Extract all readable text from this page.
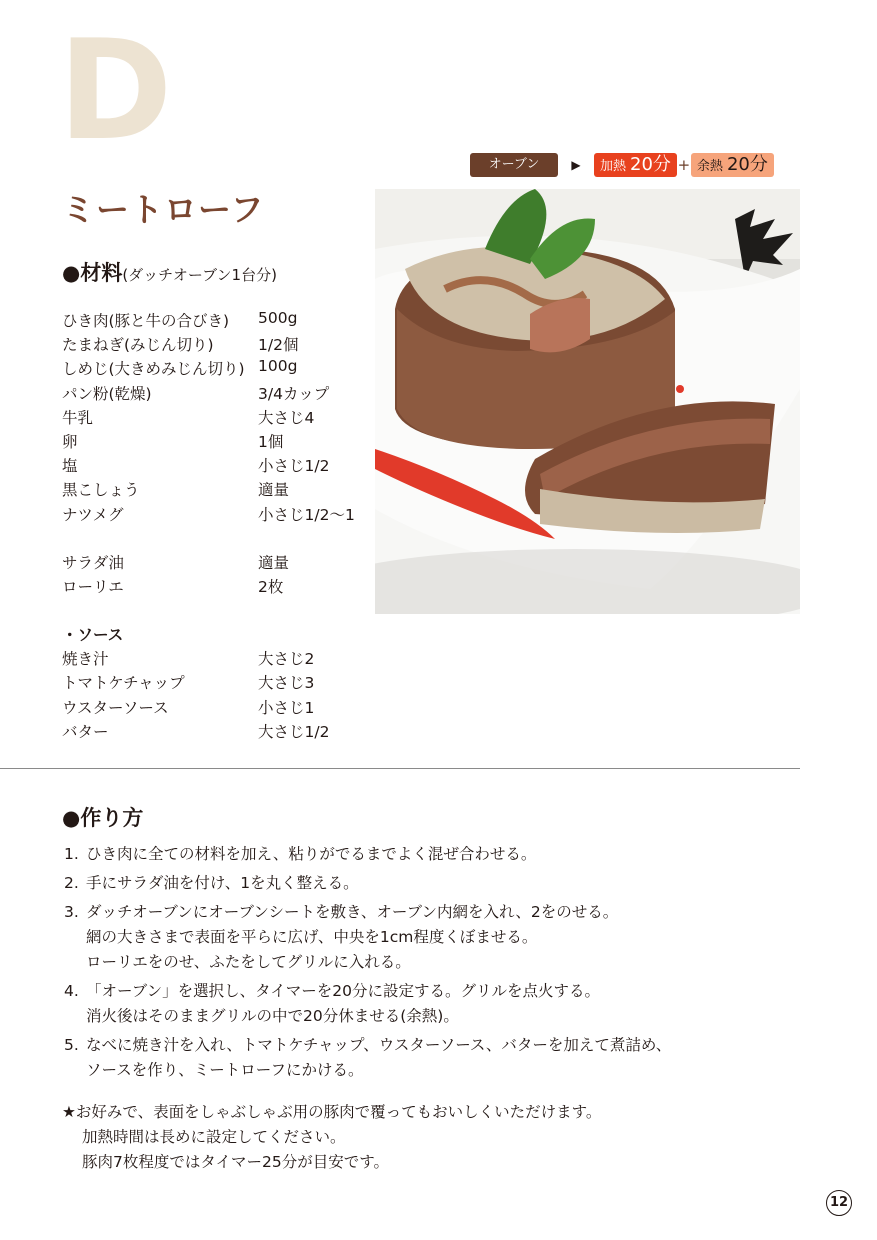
D	オーブン	▶	加熱 20分 + 余熱 20分
ミートローフ
●材料(ダッチオーブン1台分)
ひき肉(豚と牛の合びき)	500g
たまねぎ(みじん切り)	1/2個
しめじ(大きめみじん切り) 100g
パン粉(乾燥)	3/4カップ
牛乳	大さじ4
卵	1個
塩	小さじ1/2
黒こしょう	適量
ナツメグ	小さじ1/2〜1
サラダ油	適量
ローリエ	2枚
・ソース
焼き汁	大さじ2
トマトケチャップ	大さじ3
ウスターソース	小さじ1
バター	大さじ1/2
●作り方
1. ひき肉に全ての材料を加え、粘りがでるまでよく混ぜ合わせる。
2. 手にサラダ油を付け、1を丸く整える。
3. ダッチオーブンにオーブンシートを敷き、オーブン内網を入れ、2をのせる。
網の大きさまで表面を平らに広げ、中央を1cm程度くぼませる。
ローリエをのせ、ふたをしてグリルに入れる。
4. 「オーブン」を選択し、タイマーを20分に設定する。グリルを点火する。
消火後はそのままグリルの中で20分休ませる(余熱)。
5. なべに焼き汁を入れ、トマトケチャップ、ウスターソース、バターを加えて煮詰め、
ソースを作り、ミートローフにかける。
★お好みで、表面をしゃぶしゃぶ用の豚肉で覆ってもおいしくいただけます。
加熱時間は長めに設定してください。
豚肉7枚程度ではタイマー25分が目安です。
12
